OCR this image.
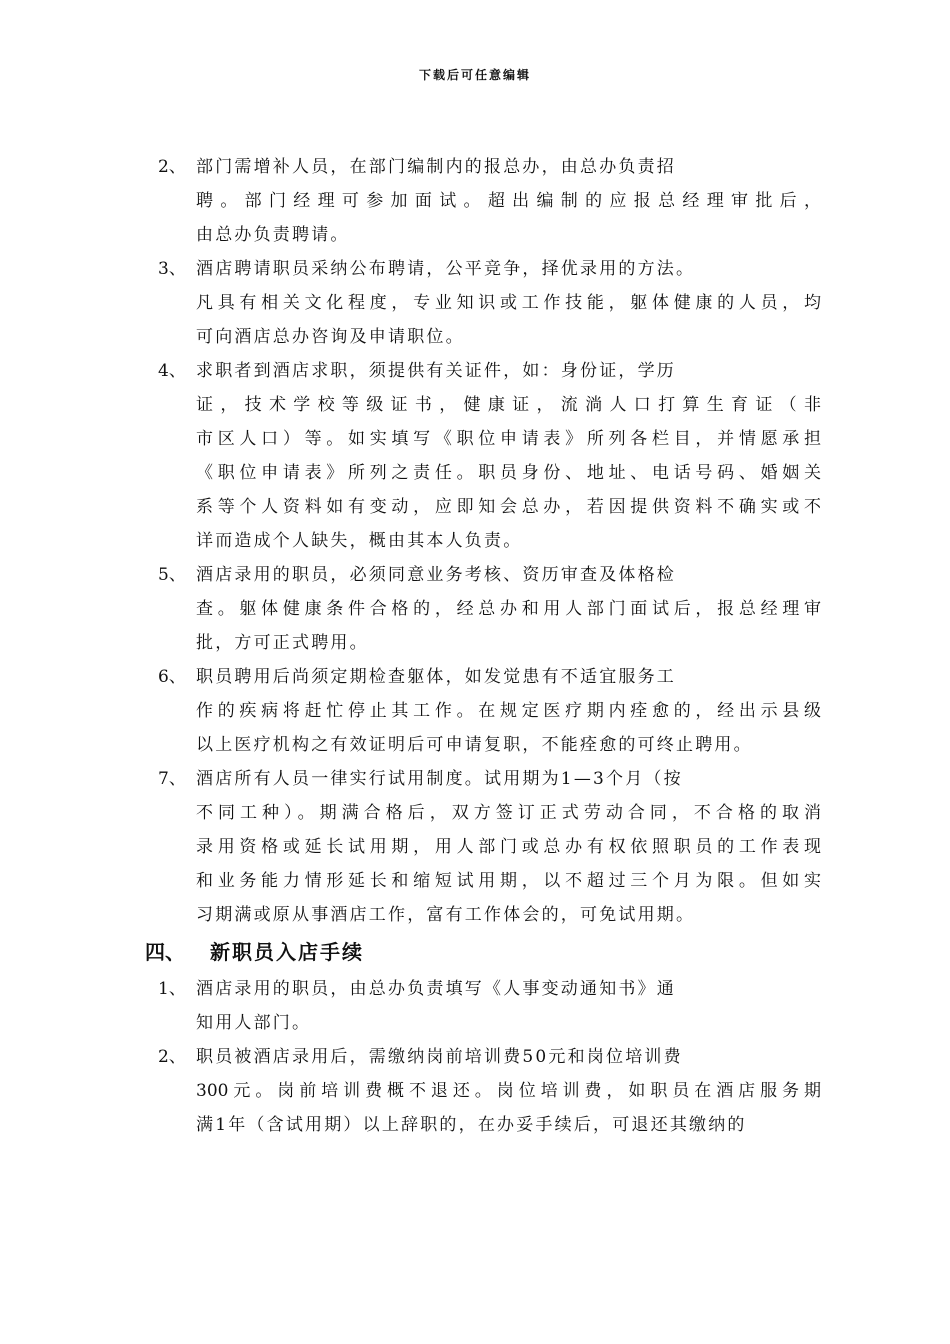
下载后可任意编辑
2、 部门需增补人员，在部门编制内的报总办，由总办负责招
聘。部门经理可参加面试。超出编制的应报总经理审批后，
由总办负责聘请。
3、 酒店聘请职员采纳公布聘请，公平竞争，择优录用的方法。
凡具有相关文化程度，专业知识或工作技能，躯体健康的人员，均
可向酒店总办咨询及申请职位。
4、 求职者到酒店求职，须提供有关证件，如：身份证，学历
证，技术学校等级证书，健康证，流淌人口打算生育证（非
市区人口）等。如实填写《职位申请表》所列各栏目，并情愿承担
《职位申请表》所列之责任。职员身份、地址、电话号码、婚姻关
系等个人资料如有变动，应即知会总办，若因提供资料不确实或不
详而造成个人缺失，概由其本人负责。
5、 酒店录用的职员，必须同意业务考核、资历审查及体格检
查。躯体健康条件合格的，经总办和用人部门面试后，报总经理审
批，方可正式聘用。
6、 职员聘用后尚须定期检查躯体，如发觉患有不适宜服务工
作的疾病将赶忙停止其工作。在规定医疗期内痊愈的，经出示县级
以上医疗机构之有效证明后可申请复职，不能痊愈的可终止聘用。
7、 酒店所有人员一律实行试用制度。试用期为1—3个月（按
不同工种）。期满合格后，双方签订正式劳动合同，不合格的取消
录用资格或延长试用期，用人部门或总办有权依照职员的工作表现
和业务能力情形延长和缩短试用期，以不超过三个月为限。但如实
习期满或原从事酒店工作，富有工作体会的，可免试用期。
四、 新职员入店手续
1、 酒店录用的职员，由总办负责填写《人事变动通知书》通
知用人部门。
2、 职员被酒店录用后，需缴纳岗前培训费50元和岗位培训费
300元。岗前培训费概不退还。岗位培训费，如职员在酒店服务期
满1年（含试用期）以上辞职的，在办妥手续后，可退还其缴纳的
